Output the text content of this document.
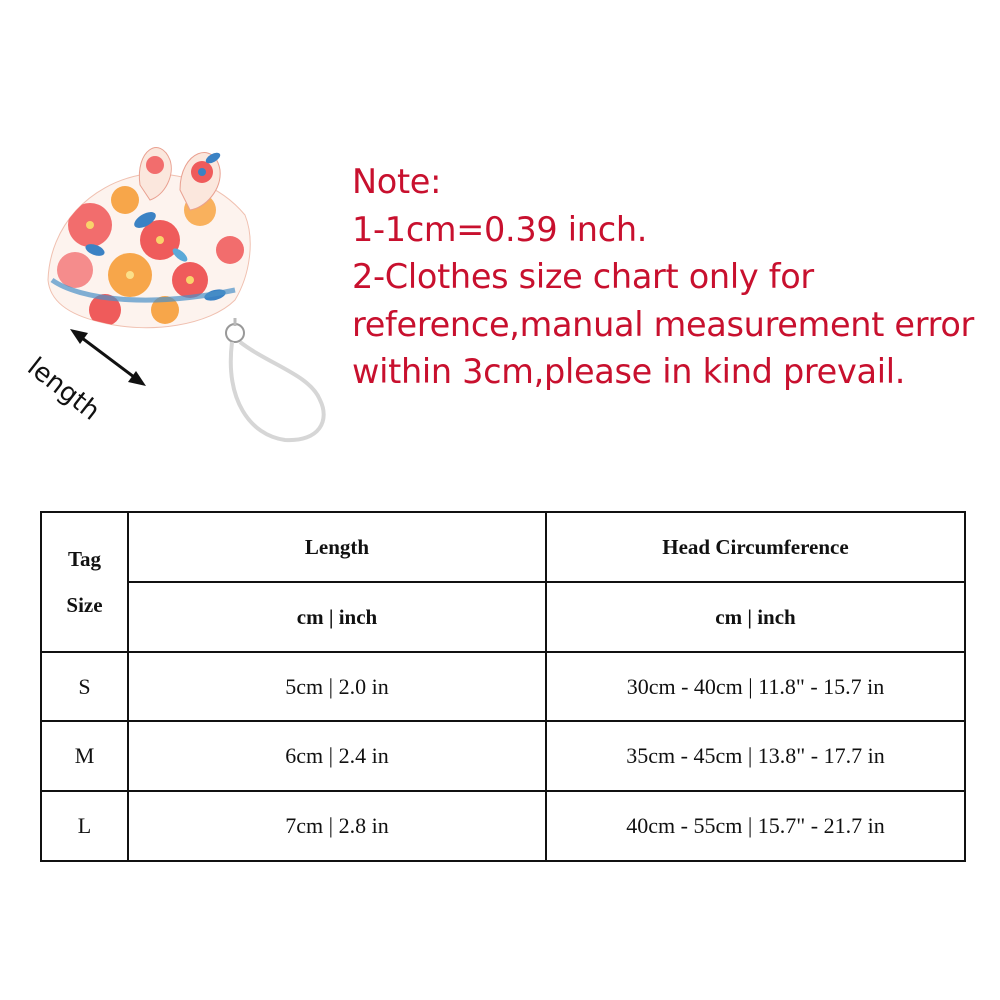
length
Note:
1-1cm=0.39 inch.
2-Clothes size chart only for
reference,manual measurement error
within 3cm,please in kind prevail.
Tag
Size	Length	Head Circumference
	cm | inch	cm | inch
S	5cm | 2.0 in	30cm - 40cm | 11.8" - 15.7 in
M	6cm | 2.4 in	35cm - 45cm | 13.8" - 17.7 in
L	7cm | 2.8 in	40cm - 55cm | 15.7" - 21.7 in
